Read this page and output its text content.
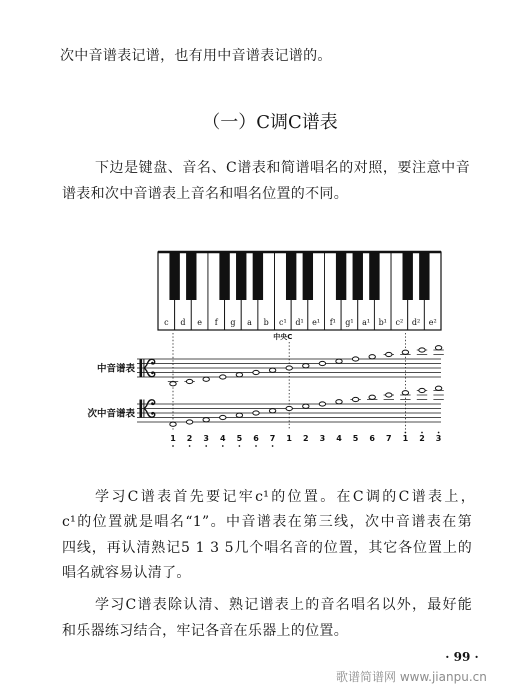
次中音谱表记谱，也有用中音谱表记谱的。
（一）C调C谱表
下边是键盘、音名、C谱表和简谱唱名的对照，要注意中音
谱表和次中音谱表上音名和唱名位置的不同。
c d e f g a b c¹ d¹ e¹ f¹ g¹ a¹ b¹ c² d² e²
中央C
中音谱表
次中音谱表
1 2 3 4 5 6 7 1 2 3 4 5 6 7 1 2 3
学习C谱表首先要记牢c¹的位置。在C调的C谱表上，
c¹的位置就是唱名“1”。中音谱表在第三线，次中音谱表在第
四线，再认清熟记5 1 3 5几个唱名音的位置，其它各位置上的
唱名就容易认清了。
学习C谱表除认清、熟记谱表上的音名唱名以外，最好能
和乐器练习结合，牢记各音在乐器上的位置。
· 99 ·
歌谱简谱网 www.jianpu.cn
